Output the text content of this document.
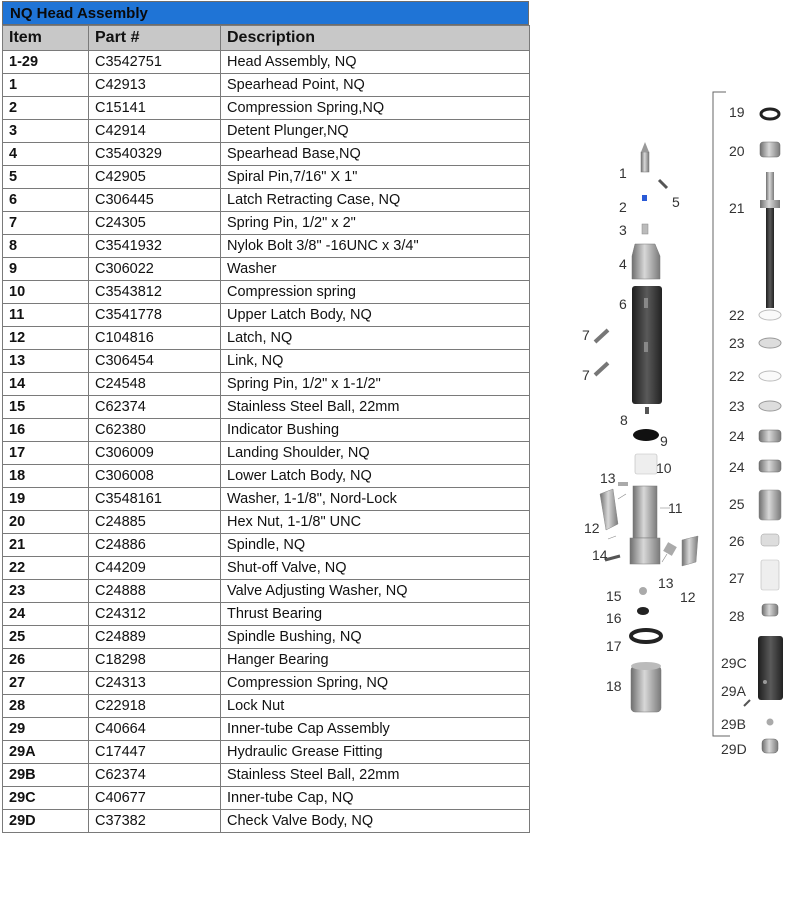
NQ Head Assembly
Item	Part #	Description
1-29	C3542751	Head Assembly, NQ
1	C42913	Spearhead Point, NQ
2	C15141	Compression Spring,NQ
3	C42914	Detent Plunger,NQ
4	C3540329	Spearhead Base,NQ
5	C42905	Spiral Pin,7/16" X 1"
6	C306445	Latch Retracting Case, NQ
7	C24305	Spring Pin, 1/2" x 2"
8	C3541932	Nylok Bolt 3/8" -16UNC x 3/4"
9	C306022	Washer
10	C3543812	Compression spring
11	C3541778	Upper Latch Body, NQ
12	C104816	Latch, NQ
13	C306454	Link, NQ
14	C24548	Spring Pin, 1/2" x 1-1/2"
15	C62374	Stainless Steel Ball, 22mm
16	C62380	Indicator Bushing
17	C306009	Landing Shoulder, NQ
18	C306008	Lower Latch Body, NQ
19	C3548161	Washer, 1-1/8", Nord-Lock
20	C24885	Hex Nut, 1-1/8" UNC
21	C24886	Spindle, NQ
22	C44209	Shut-off Valve, NQ
23	C24888	Valve Adjusting Washer, NQ
24	C24312	Thrust Bearing
25	C24889	Spindle Bushing, NQ
26	C18298	Hanger Bearing
27	C24313	Compression Spring, NQ
28	C22918	Lock Nut
29	C40664	Inner-tube Cap Assembly
29A	C17447	Hydraulic Grease Fitting
29B	C62374	Stainless Steel Ball, 22mm
29C	C40677	Inner-tube Cap, NQ
29D	C37382	Check Valve Body, NQ
1
5
2
3
4
6
7
7
8
9
10
13
11
12
14
13
12
15
16
17
18
19
20
21
22
23
22
23
24
24
25
26
27
28
29C
29A
29B
29D
